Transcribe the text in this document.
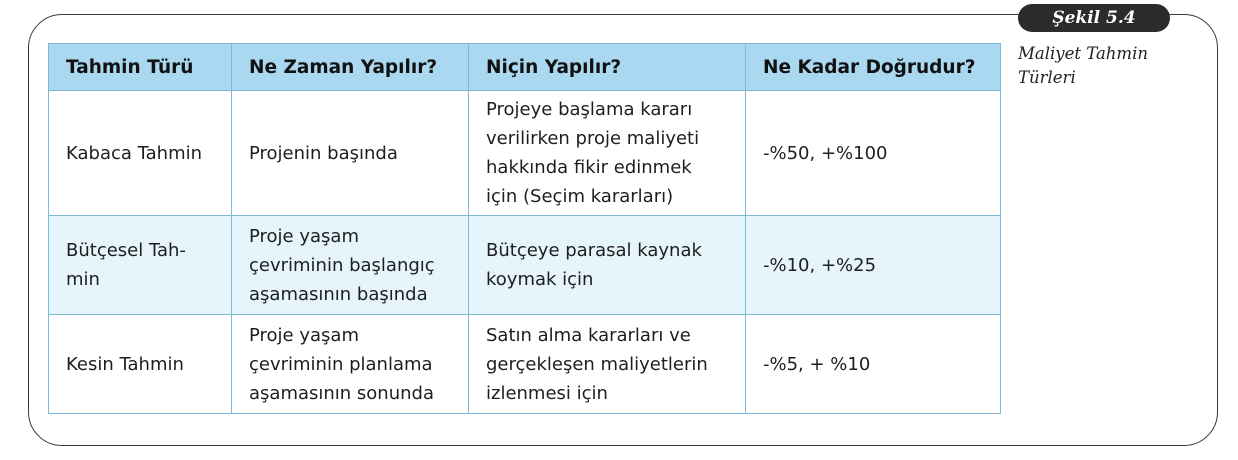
Şekil 5.4
Maliyet Tahmin
Türleri
Tahmin Türü	Ne Zaman Yapılır?	Niçin Yapılır?	Ne Kadar Doğrudur?

Kabaca Tahmin	Projenin başında	Projeye başlama kararı
verilirken proje maliyeti
hakkında fikir edinmek
için (Seçim kararları)	-%50, +%100

Bütçesel Tah-
min	Proje yaşam
çevriminin başlangıç
aşamasının başında	Bütçeye parasal kaynak
koymak için	-%10, +%25

Kesin Tahmin	Proje yaşam
çevriminin planlama
aşamasının sonunda	Satın alma kararları ve
gerçekleşen maliyetlerin
izlenmesi için	-%5, + %10
